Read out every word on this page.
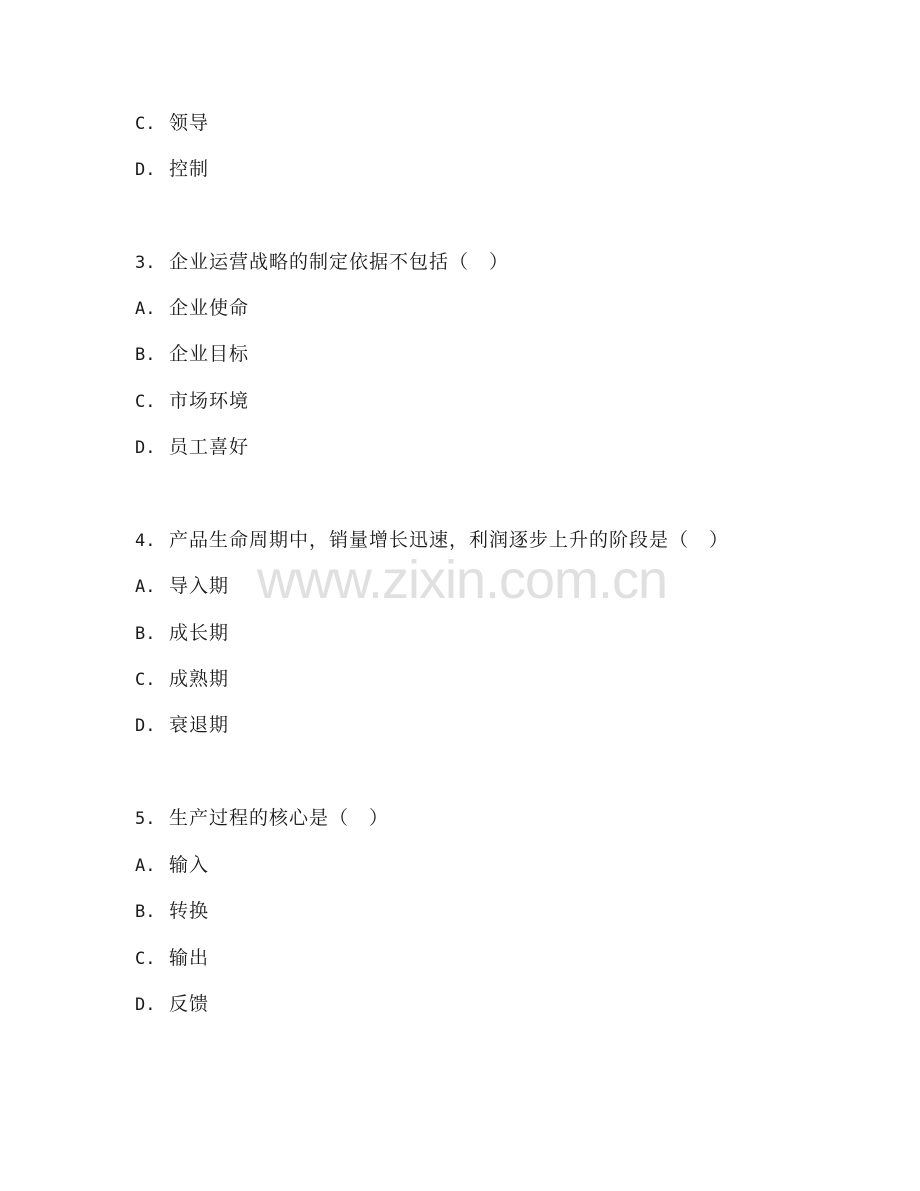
C. 领导
D. 控制
3. 企业运营战略的制定依据不包括（　）
A. 企业使命
B. 企业目标
C. 市场环境
D. 员工喜好
4. 产品生命周期中，销量增长迅速，利润逐步上升的阶段是（　）
A. 导入期
B. 成长期
C. 成熟期
D. 衰退期
5. 生产过程的核心是（　）
A. 输入
B. 转换
C. 输出
D. 反馈
www.zixin.com.cn
